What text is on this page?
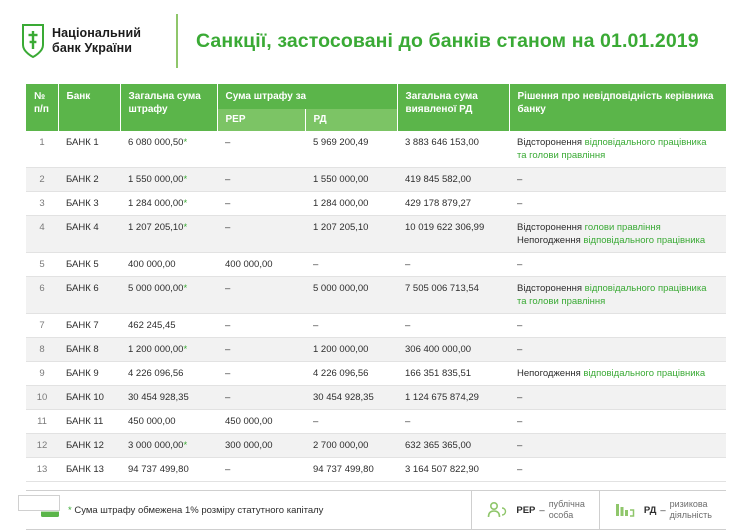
Національний
банк України	Санкції, застосовані до банків станом на 01.01.2019
№ п/п	Банк	Загальна сума штрафу	Сума штрафу за		Загальна сума виявленої РД	Рішення про невідповідність керівника банку
			РЕР	РД		
1	БАНК 1	6 080 000,50*	–	5 969 200,49	3 883 646 153,00	Відсторонення відповідального працівника та голови правління
2	БАНК 2	1 550 000,00*	–	1 550 000,00	419 845 582,00	–
3	БАНК 3	1 284 000,00*	–	1 284 000,00	429 178 879,27	–
4	БАНК 4	1 207 205,10*	–	1 207 205,10	10 019 622 306,99	Відсторонення голови правління
Непогодження відповідального працівника
5	БАНК 5	400 000,00	400 000,00	–	–	–
6	БАНК 6	5 000 000,00*	–	5 000 000,00	7 505 006 713,54	Відсторонення відповідального працівника та голови правління
7	БАНК 7	462 245,45	–	–	–	–
8	БАНК 8	1 200 000,00*	–	1 200 000,00	306 400 000,00	–
9	БАНК 9	4 226 096,56	–	4 226 096,56	166 351 835,51	Непогодження відповідального працівника
10	БАНК 10	30 454 928,35	–	30 454 928,35	1 124 675 874,29	–
11	БАНК 11	450 000,00	450 000,00	–	–	–
12	БАНК 12	3 000 000,00*	300 000,00	2 700 000,00	632 365 365,00	–
13	БАНК 13	94 737 499,80	–	94 737 499,80	3 164 507 822,90	–
* Сума штрафу обмежена 1% розміру статутного капіталу	РЕР –
публічна
особа	РД –
ризикова
діяльність
